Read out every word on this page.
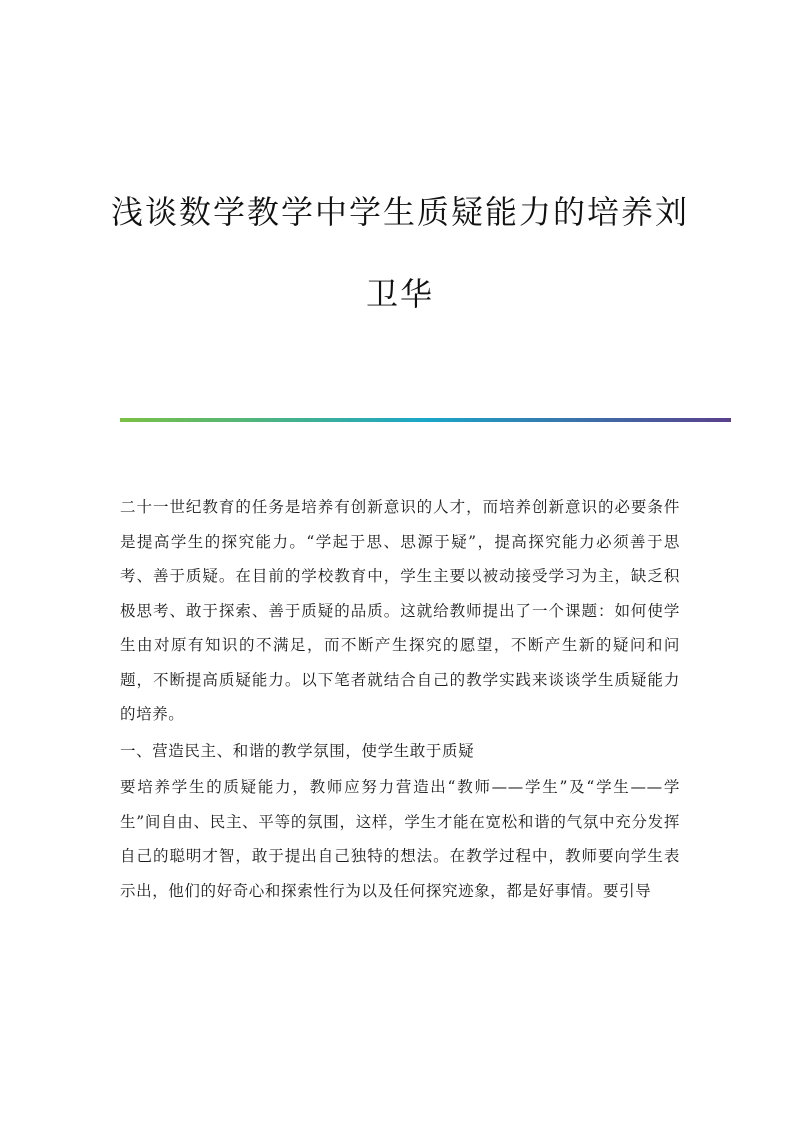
浅谈数学教学中学生质疑能力的培养刘
卫华

二十一世纪教育的任务是培养有创新意识的人才，而培养创新意识的必要条件是提高学生的探究能力。“学起于思、思源于疑”，提高探究能力必须善于思考、善于质疑。在目前的学校教育中，学生主要以被动接受学习为主，缺乏积极思考、敢于探索、善于质疑的品质。这就给教师提出了一个课题：如何使学生由对原有知识的不满足，而不断产生探究的愿望，不断产生新的疑问和问题，不断提高质疑能力。以下笔者就结合自己的教学实践来谈谈学生质疑能力的培养。

一、营造民主、和谐的教学氛围，使学生敢于质疑

要培养学生的质疑能力，教师应努力营造出“教师——学生”及“学生——学生”间自由、民主、平等的氛围，这样，学生才能在宽松和谐的气氛中充分发挥自己的聪明才智，敢于提出自己独特的想法。在教学过程中，教师要向学生表示出，他们的好奇心和探索性行为以及任何探究迹象，都是好事情。要引导
